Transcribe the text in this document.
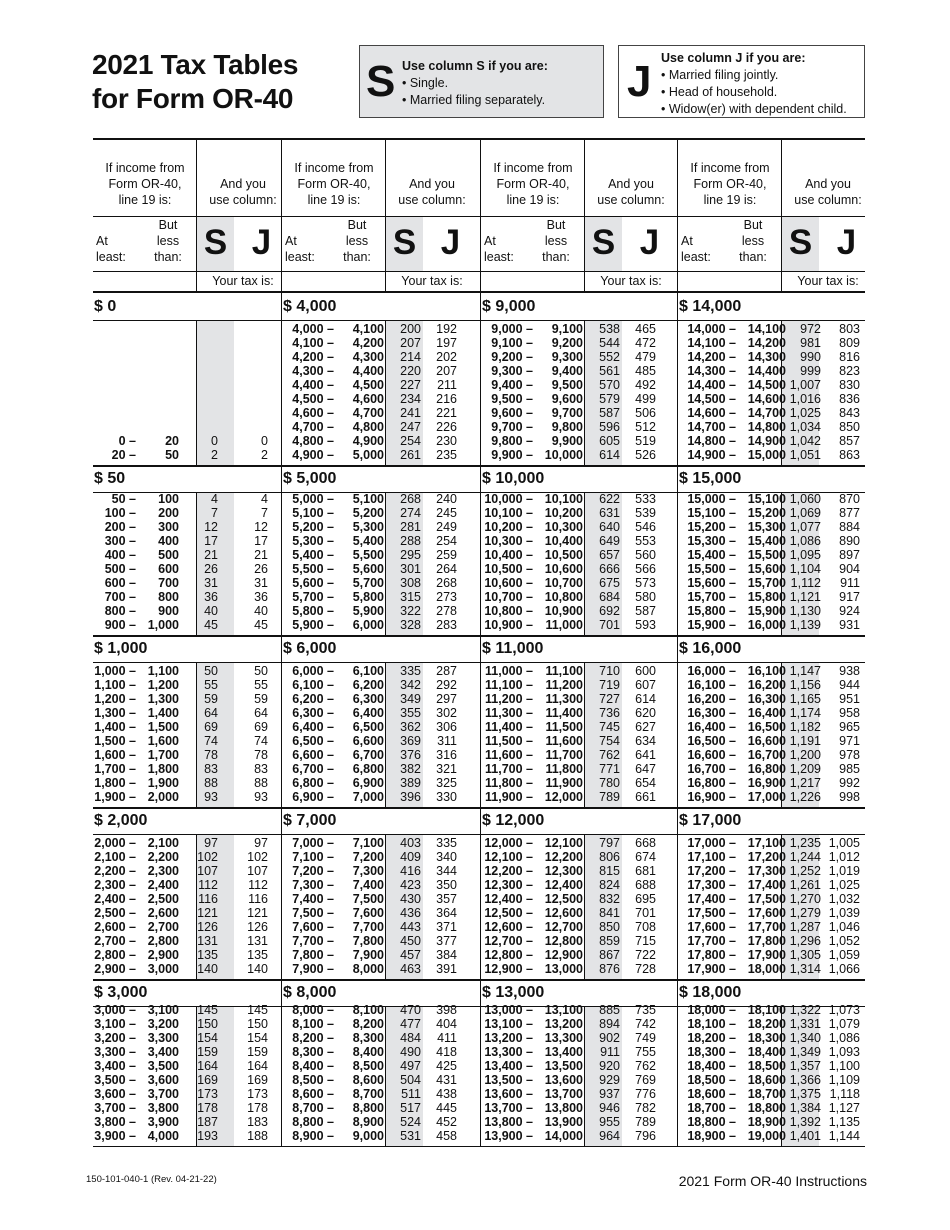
2021 Tax Tables
for Form OR-40 S Use column S if you are:
• Single.
• Married filing separately. J Use column J if you are:
• Married filing jointly.
• Head of household.
• Widow(er) with dependent child.
If income from
Form OR-40,
line 19 is:
And you
use column:
At
least:
But
less
than: S J
Your tax is:
If income from
Form OR-40,
line 19 is:
And you
use column:
At
least:
But
less
than: S J
Your tax is:
If income from
Form OR-40,
line 19 is:
And you
use column:
At
least:
But
less
than: S J
Your tax is:
If income from
Form OR-40,
line 19 is:
And you
use column:
At
least:
But
less
than: S J
Your tax is:
$ 0
0 – 20	0	0
20 – 50	2	2
$ 50
50 – 100	4	4
100 – 200	7	7
200 – 300 12	12
300 – 400 17	17
400 – 500 21	21
500 – 600 26	26
600 – 700 31	31
700 – 800 36	36
800 – 900 40	40
900 – 1,000 45	45
$ 1,000
1,000 – 1,100 50	50
1,100 – 1,200 55	55
1,200 – 1,300 59	59
1,300 – 1,400 64	64
1,400 – 1,500 69	69
1,500 – 1,600 74	74
1,600 – 1,700 78	78
1,700 – 1,800 83	83
1,800 – 1,900 88	88
1,900 – 2,000 93	93
$ 2,000
2,000 – 2,100 97	97
2,100 – 2,200 102 102
2,200 – 2,300 107 107
2,300 – 2,400 112 112
2,400 – 2,500 116 116
2,500 – 2,600 121 121
2,600 – 2,700 126 126
2,700 – 2,800 131 131
2,800 – 2,900 135 135
2,900 – 3,000 140 140
$ 3,000
3,000 – 3,100 145 145
3,100 – 3,200 150 150
3,200 – 3,300 154 154
3,300 – 3,400 159 159
3,400 – 3,500 164 164
3,500 – 3,600 169 169
3,600 – 3,700 173 173
3,700 – 3,800 178 178
3,800 – 3,900 187 183
3,900 – 4,000 193 188
$ 4,000
4,000 – 4,100 200 192
4,100 – 4,200 207 197
4,200 – 4,300 214 202
4,300 – 4,400 220 207
4,400 – 4,500 227 211
4,500 – 4,600 234 216
4,600 – 4,700 241 221
4,700 – 4,800 247 226
4,800 – 4,900 254 230
4,900 – 5,000 261 235
$ 5,000
5,000 – 5,100 268 240
5,100 – 5,200 274 245
5,200 – 5,300 281 249
5,300 – 5,400 288 254
5,400 – 5,500 295 259
5,500 – 5,600 301 264
5,600 – 5,700 308 268
5,700 – 5,800 315 273
5,800 – 5,900 322 278
5,900 – 6,000 328 283
$ 6,000
6,000 – 6,100 335 287
6,100 – 6,200 342 292
6,200 – 6,300 349 297
6,300 – 6,400 355 302
6,400 – 6,500 362 306
6,500 – 6,600 369 311
6,600 – 6,700 376 316
6,700 – 6,800 382 321
6,800 – 6,900 389 325
6,900 – 7,000 396 330
$ 7,000
7,000 – 7,100 403 335
7,100 – 7,200 409 340
7,200 – 7,300 416 344
7,300 – 7,400 423 350
7,400 – 7,500 430 357
7,500 – 7,600 436 364
7,600 – 7,700 443 371
7,700 – 7,800 450 377
7,800 – 7,900 457 384
7,900 – 8,000 463 391
$ 8,000
8,000 – 8,100 470 398
8,100 – 8,200 477 404
8,200 – 8,300 484 411
8,300 – 8,400 490 418
8,400 – 8,500 497 425
8,500 – 8,600 504 431
8,600 – 8,700 511 438
8,700 – 8,800 517 445
8,800 – 8,900 524 452
8,900 – 9,000 531 458
$ 9,000
9,000 – 9,100 538 465
9,100 – 9,200 544 472
9,200 – 9,300 552 479
9,300 – 9,400 561 485
9,400 – 9,500 570 492
9,500 – 9,600 579 499
9,600 – 9,700 587 506
9,700 – 9,800 596 512
9,800 – 9,900 605 519
9,900 – 10,000 614 526
$ 10,000
10,000 – 10,100 622 533
10,100 – 10,200 631 539
10,200 – 10,300 640 546
10,300 – 10,400 649 553
10,400 – 10,500 657 560
10,500 – 10,600 666 566
10,600 – 10,700 675 573
10,700 – 10,800 684 580
10,800 – 10,900 692 587
10,900 – 11,000 701 593
$ 11,000
11,000 – 11,100 710 600
11,100 – 11,200 719 607
11,200 – 11,300 727 614
11,300 – 11,400 736 620
11,400 – 11,500 745 627
11,500 – 11,600 754 634
11,600 – 11,700 762 641
11,700 – 11,800 771 647
11,800 – 11,900 780 654
11,900 – 12,000 789 661
$ 12,000
12,000 – 12,100 797 668
12,100 – 12,200 806 674
12,200 – 12,300 815 681
12,300 – 12,400 824 688
12,400 – 12,500 832 695
12,500 – 12,600 841 701
12,600 – 12,700 850 708
12,700 – 12,800 859 715
12,800 – 12,900 867 722
12,900 – 13,000 876 728
$ 13,000
13,000 – 13,100 885 735
13,100 – 13,200 894 742
13,200 – 13,300 902 749
13,300 – 13,400 911 755
13,400 – 13,500 920 762
13,500 – 13,600 929 769
13,600 – 13,700 937 776
13,700 – 13,800 946 782
13,800 – 13,900 955 789
13,900 – 14,000 964 796
$ 14,000
14,000 – 14,100 972 803
14,100 – 14,200 981 809
14,200 – 14,300 990 816
14,300 – 14,400 999 823
14,400 – 14,500 1,007 830
14,500 – 14,600 1,016 836
14,600 – 14,700 1,025 843
14,700 – 14,800 1,034 850
14,800 – 14,900 1,042 857
14,900 – 15,000 1,051 863
$ 15,000
15,000 – 15,100 1,060 870
15,100 – 15,200 1,069 877
15,200 – 15,300 1,077 884
15,300 – 15,400 1,086 890
15,400 – 15,500 1,095 897
15,500 – 15,600 1,104 904
15,600 – 15,700 1,112 911
15,700 – 15,800 1,121 917
15,800 – 15,900 1,130 924
15,900 – 16,000 1,139 931
$ 16,000
16,000 – 16,100 1,147 938
16,100 – 16,200 1,156 944
16,200 – 16,300 1,165 951
16,300 – 16,400 1,174 958
16,400 – 16,500 1,182 965
16,500 – 16,600 1,191 971
16,600 – 16,700 1,200 978
16,700 – 16,800 1,209 985
16,800 – 16,900 1,217 992
16,900 – 17,000 1,226 998
$ 17,000
17,000 – 17,100 1,235 1,005
17,100 – 17,200 1,244 1,012
17,200 – 17,300 1,252 1,019
17,300 – 17,400 1,261 1,025
17,400 – 17,500 1,270 1,032
17,500 – 17,600 1,279 1,039
17,600 – 17,700 1,287 1,046
17,700 – 17,800 1,296 1,052
17,800 – 17,900 1,305 1,059
17,900 – 18,000 1,314 1,066
$ 18,000
18,000 – 18,100 1,322 1,073
18,100 – 18,200 1,331 1,079
18,200 – 18,300 1,340 1,086
18,300 – 18,400 1,349 1,093
18,400 – 18,500 1,357 1,100
18,500 – 18,600 1,366 1,109
18,600 – 18,700 1,375 1,118
18,700 – 18,800 1,384 1,127
18,800 – 18,900 1,392 1,135
18,900 – 19,000 1,401 1,144
150-101-040-1 (Rev. 04-21-22)	2021 Form OR-40 Instructions
